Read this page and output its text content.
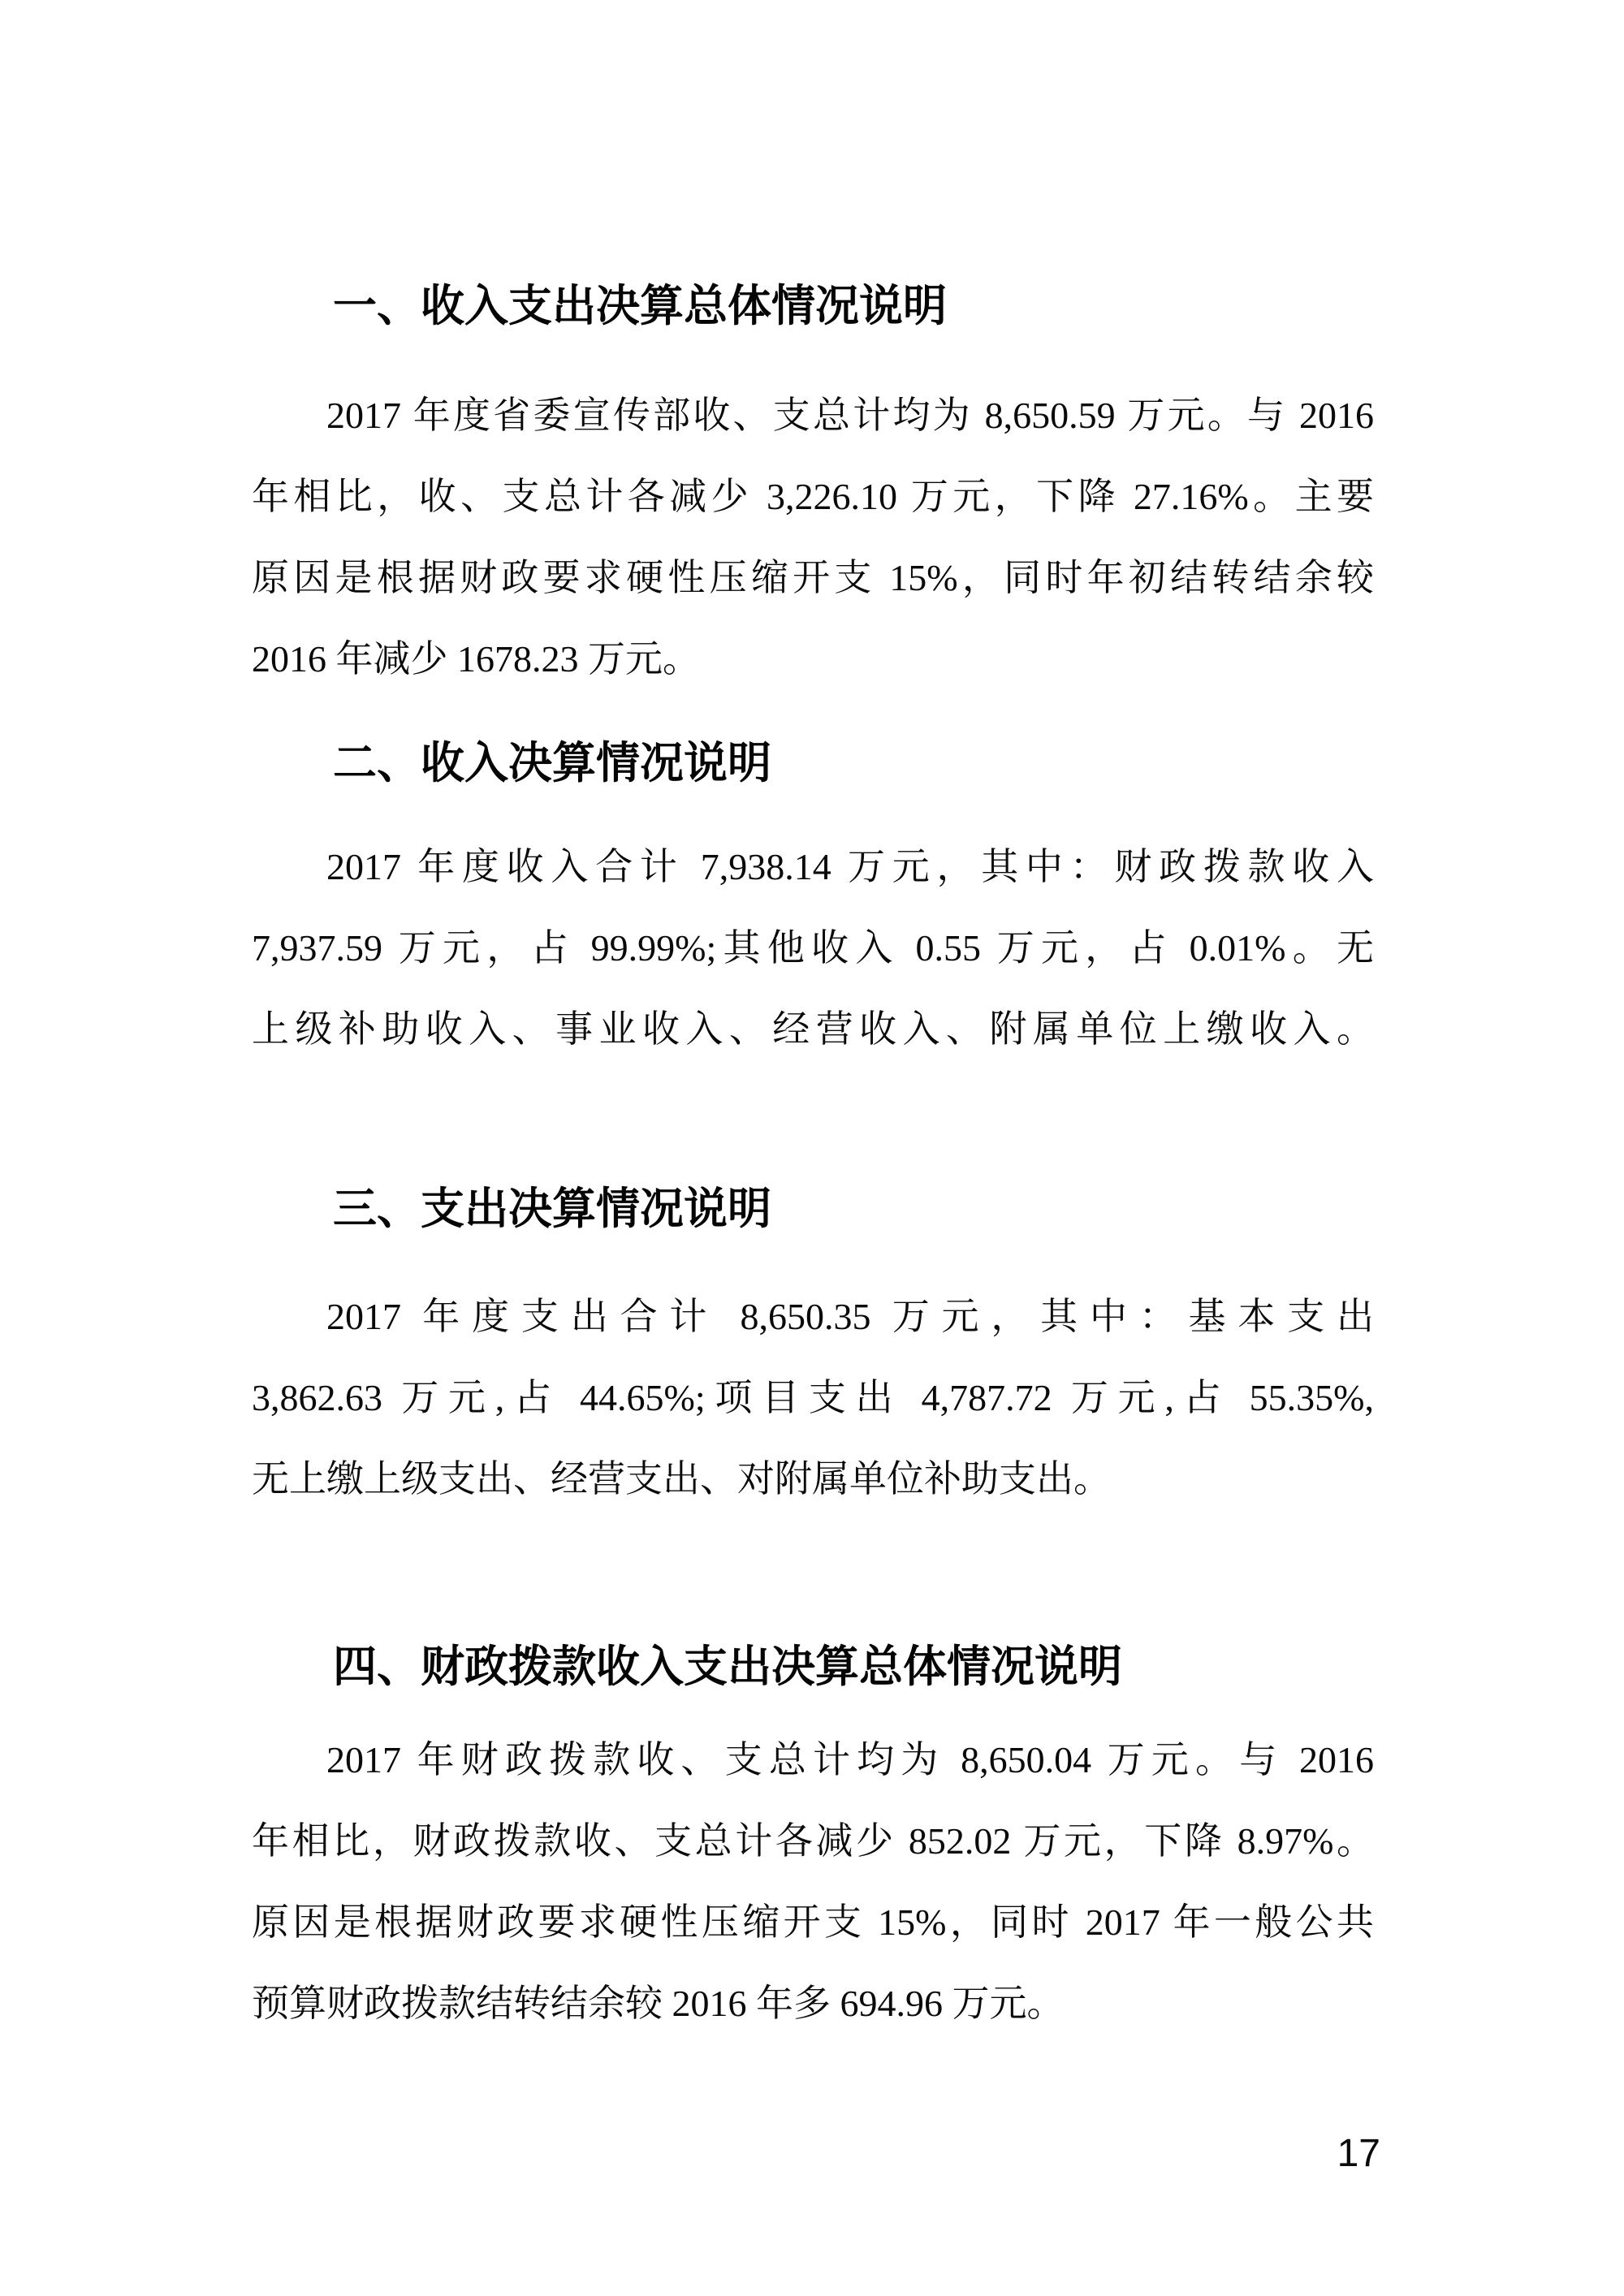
一、收入支出决算总体情况说明
2017 年度省委宣传部收、支总计均为 8,650.59 万元。与 2016
年相比，收、支总计各减少 3,226.10 万元，下降 27.16%。主要
原因是根据财政要求硬性压缩开支 15%，同时年初结转结余较
2016 年减少 1678.23 万元。
二、收入决算情况说明
2017 年度收入合计 7,938.14 万元，其中：财政拨款收入
7,937.59 万元，占 99.99%;其他收入 0.55 万元，占 0.01%。无
上级补助收入、事业收入、经营收入、附属单位上缴收入。
三、支出决算情况说明
2017 年度支出合计 8,650.35 万元，其中：基本支出
3,862.63 万元,占 44.65%;项目支出 4,787.72 万元,占 55.35%,
无上缴上级支出、经营支出、对附属单位补助支出。
四、财政拨款收入支出决算总体情况说明
2017 年财政拨款收、支总计均为 8,650.04 万元。与 2016
年相比，财政拨款收、支总计各减少 852.02 万元，下降 8.97%。
原因是根据财政要求硬性压缩开支 15%，同时 2017 年一般公共
预算财政拨款结转结余较 2016 年多 694.96 万元。
17
